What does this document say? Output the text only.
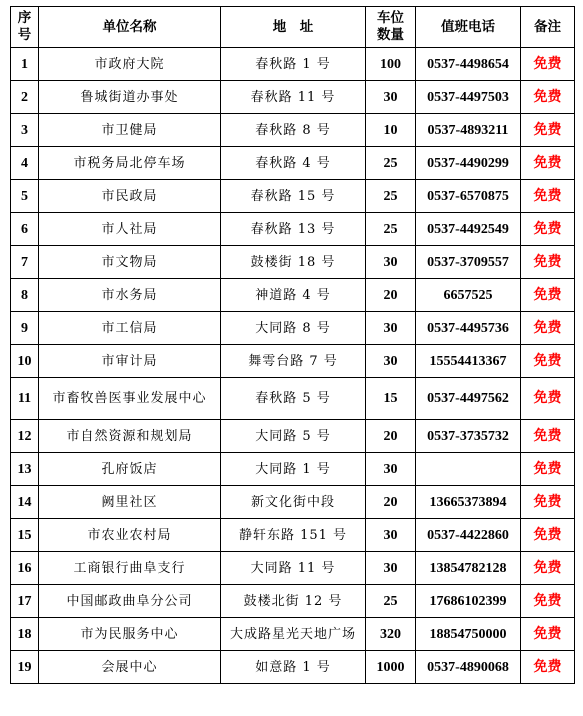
序号	单位名称	地　址	车位数量	值班电话	备注
1	市政府大院	春秋路 1 号	100	0537-4498654	免费
2	鲁城街道办事处	春秋路 11 号	30	0537-4497503	免费
3	市卫健局	春秋路 8 号	10	0537-4893211	免费
4	市税务局北停车场	春秋路 4 号	25	0537-4490299	免费
5	市民政局	春秋路 15 号	25	0537-6570875	免费
6	市人社局	春秋路 13 号	25	0537-4492549	免费
7	市文物局	鼓楼街 18 号	30	0537-3709557	免费
8	市水务局	神道路 4 号	20	6657525	免费
9	市工信局	大同路 8 号	30	0537-4495736	免费
10	市审计局	舞雩台路 7 号	30	15554413367	免费
11	市畜牧兽医事业发展中心	春秋路 5 号	15	0537-4497562	免费
12	市自然资源和规划局	大同路 5 号	20	0537-3735732	免费
13	孔府饭店	大同路 1 号	30		免费
14	阙里社区	新文化街中段	20	13665373894	免费
15	市农业农村局	静轩东路 151 号	30	0537-4422860	免费
16	工商银行曲阜支行	大同路 11 号	30	13854782128	免费
17	中国邮政曲阜分公司	鼓楼北街 12 号	25	17686102399	免费
18	市为民服务中心	大成路星光天地广场	320	18854750000	免费
19	会展中心	如意路 1 号	1000	0537-4890068	免费
